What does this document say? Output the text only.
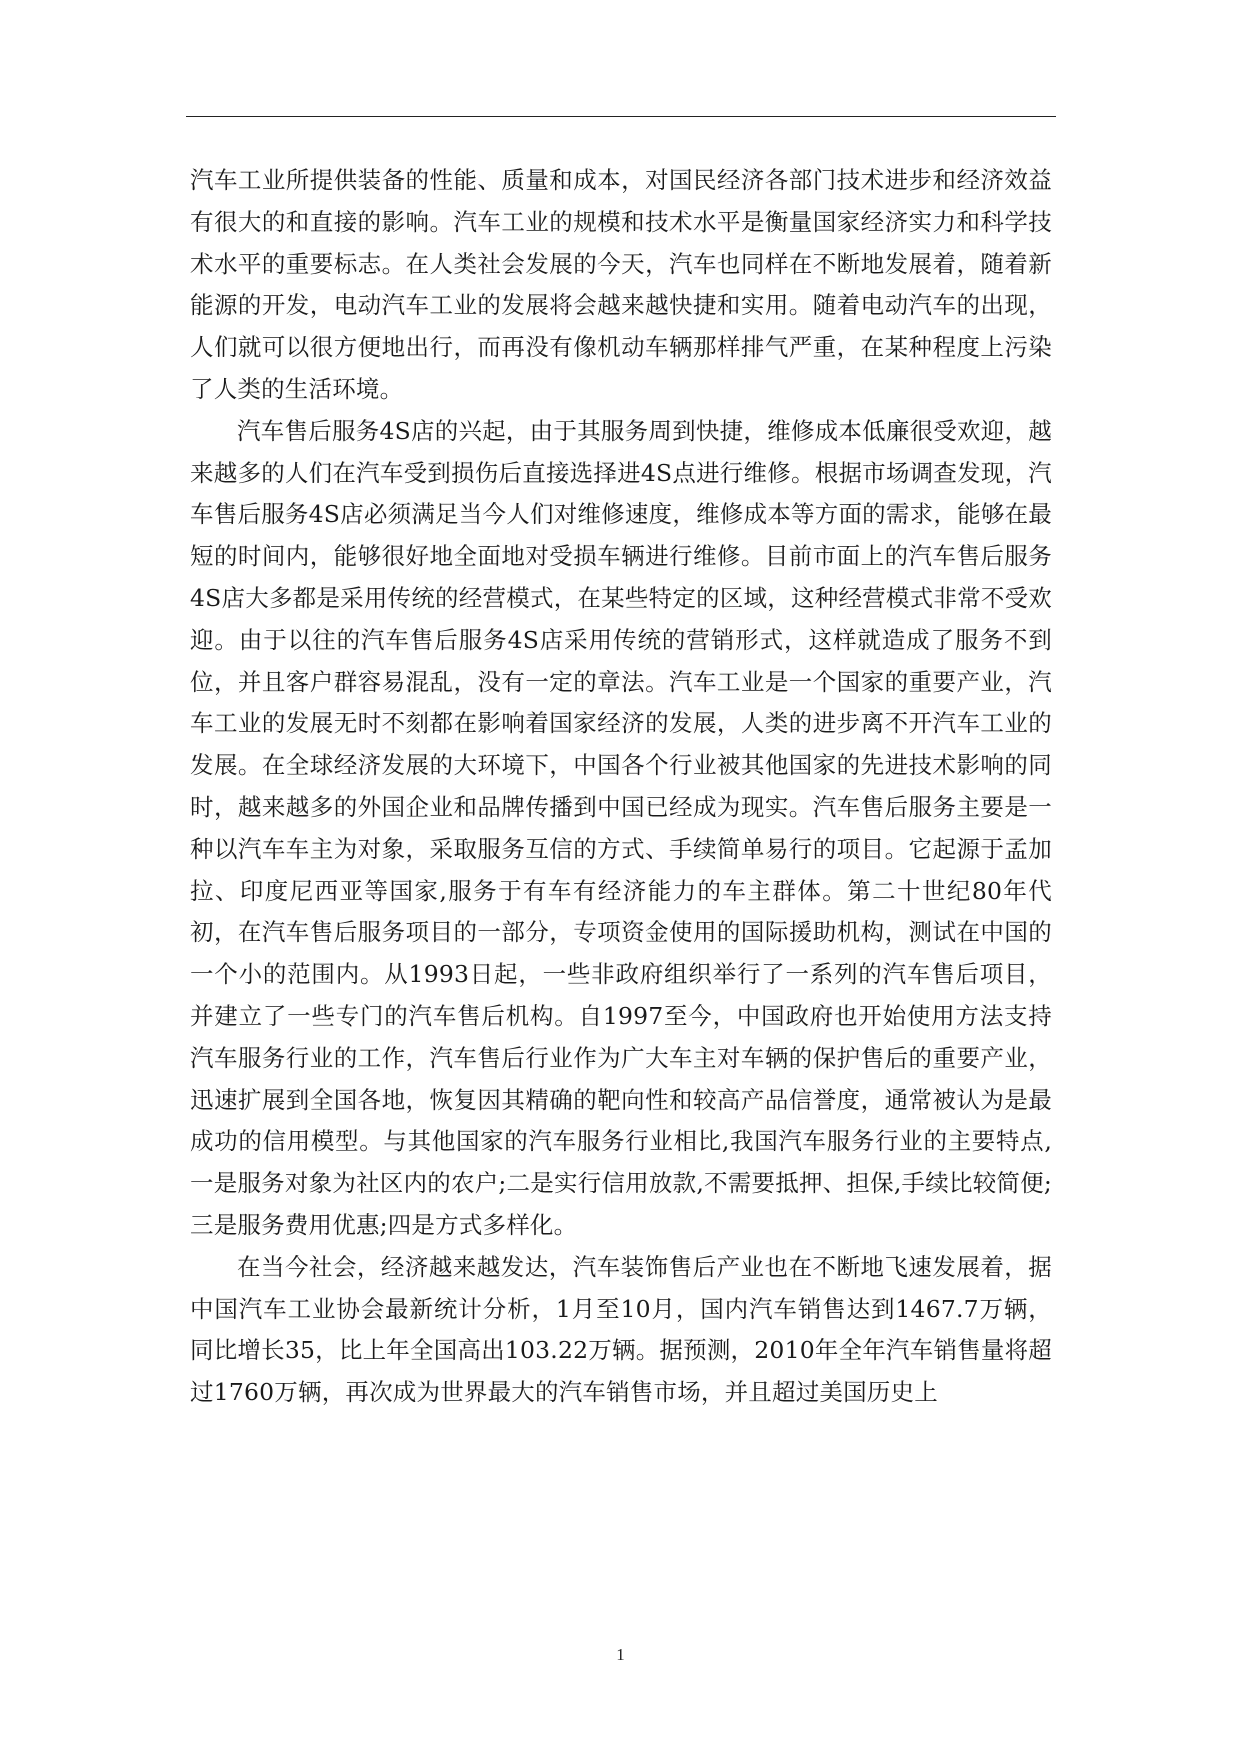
汽车工业所提供装备的性能、质量和成本，对国民经济各部门技术进步和经济效益有很大的和直接的影响。汽车工业的规模和技术水平是衡量国家经济实力和科学技术水平的重要标志。在人类社会发展的今天，汽车也同样在不断地发展着，随着新能源的开发，电动汽车工业的发展将会越来越快捷和实用。随着电动汽车的出现，人们就可以很方便地出行，而再没有像机动车辆那样排气严重，在某种程度上污染了人类的生活环境。

汽车售后服务4S店的兴起，由于其服务周到快捷，维修成本低廉很受欢迎，越来越多的人们在汽车受到损伤后直接选择进4S点进行维修。根据市场调查发现，汽车售后服务4S店必须满足当今人们对维修速度，维修成本等方面的需求，能够在最短的时间内，能够很好地全面地对受损车辆进行维修。目前市面上的汽车售后服务4S店大多都是采用传统的经营模式，在某些特定的区域，这种经营模式非常不受欢迎。由于以往的汽车售后服务4S店采用传统的营销形式，这样就造成了服务不到位，并且客户群容易混乱，没有一定的章法。汽车工业是一个国家的重要产业，汽车工业的发展无时不刻都在影响着国家经济的发展，人类的进步离不开汽车工业的发展。在全球经济发展的大环境下，中国各个行业被其他国家的先进技术影响的同时，越来越多的外国企业和品牌传播到中国已经成为现实。汽车售后服务主要是一种以汽车车主为对象，采取服务互信的方式、手续简单易行的项目。它起源于孟加拉、印度尼西亚等国家,服务于有车有经济能力的车主群体。第二十世纪80年代初，在汽车售后服务项目的一部分，专项资金使用的国际援助机构，测试在中国的一个小的范围内。从1993日起，一些非政府组织举行了一系列的汽车售后项目，并建立了一些专门的汽车售后机构。自1997至今，中国政府也开始使用方法支持汽车服务行业的工作，汽车售后行业作为广大车主对车辆的保护售后的重要产业，迅速扩展到全国各地，恢复因其精确的靶向性和较高产品信誉度，通常被认为是最成功的信用模型。与其他国家的汽车服务行业相比,我国汽车服务行业的主要特点,一是服务对象为社区内的农户;二是实行信用放款,不需要抵押、担保,手续比较简便;三是服务费用优惠;四是方式多样化。

在当今社会，经济越来越发达，汽车装饰售后产业也在不断地飞速发展着，据中国汽车工业协会最新统计分析，1月至10月，国内汽车销售达到1467.7万辆，同比增长35，比上年全国高出103.22万辆。据预测，2010年全年汽车销售量将超过1760万辆，再次成为世界最大的汽车销售市场，并且超过美国历史上

1
